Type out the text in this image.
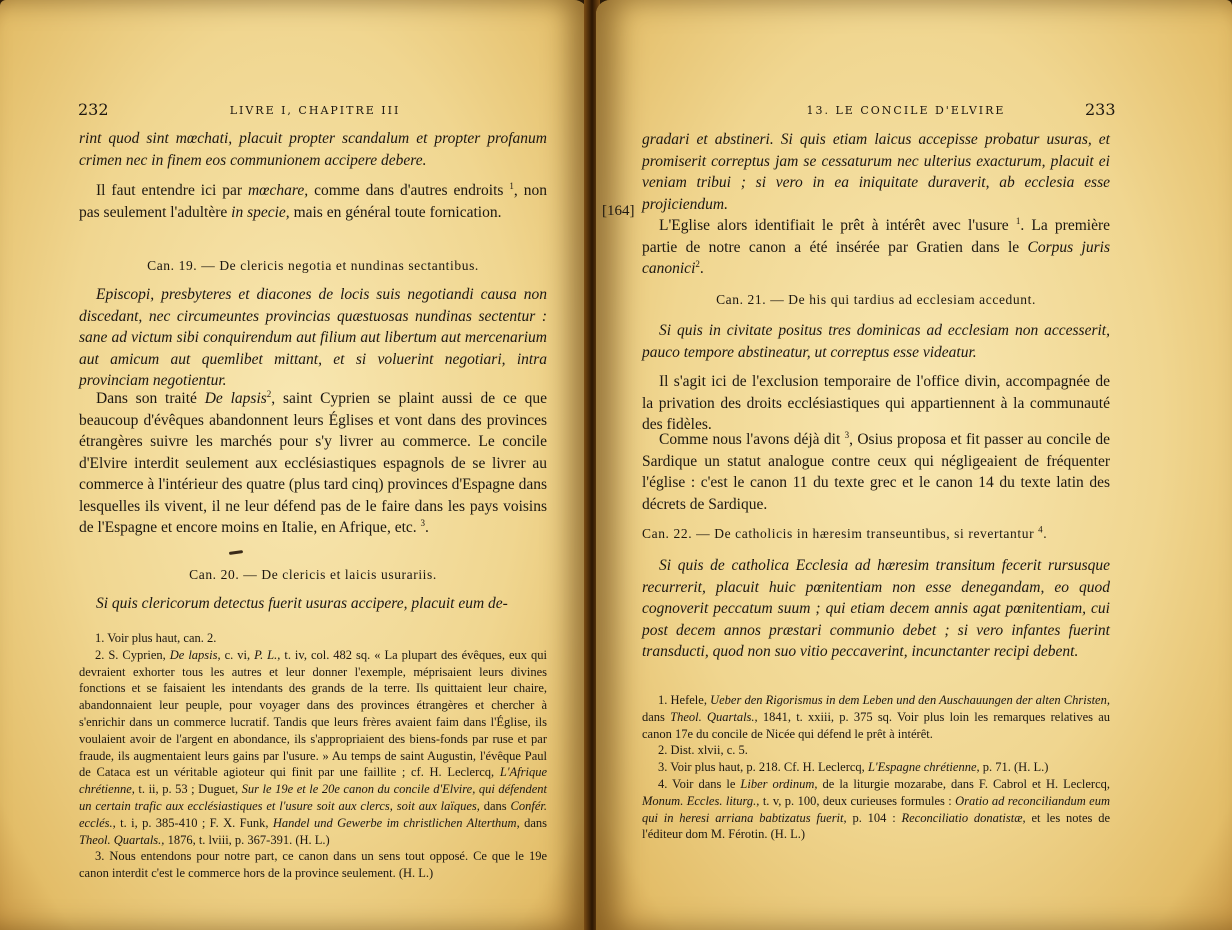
232	LIVRE I, CHAPITRE III

rint quod sint mœchati, placuit propter scandalum et propter profanum crimen nec in finem eos communionem accipere debere.

Il faut entendre ici par mœchare, comme dans d'autres endroits $^1$, non pas seulement l'adultère in specie, mais en général toute fornication.

Can. 19. — De clericis negotia et nundinas sectantibus.

Episcopi, presbyteres et diacones de locis suis negotiandi causa non discedant, nec circumeuntes provincias quæstuosas nundinas sectentur : sane ad victum sibi conquirendum aut filium aut libertum aut mercenarium aut amicum aut quemlibet mittant, et si voluerint negotiari, intra provinciam negotientur.

Dans son traité De lapsis$^2$, saint Cyprien se plaint aussi de ce que beaucoup d'évêques abandonnent leurs Églises et vont dans des provinces étrangères suivre les marchés pour s'y livrer au commerce. Le concile d'Elvire interdit seulement aux ecclésiastiques espagnols de se livrer au commerce à l'intérieur des quatre (plus tard cinq) provinces d'Espagne dans lesquelles ils vivent, il ne leur défend pas de le faire dans les pays voisins de l'Espagne et encore moins en Italie, en Afrique, etc. $^3$.

Can. 20. — De clericis et laicis usurariis.

Si quis clericorum detectus fuerit usuras accipere, placuit eum de-

1. Voir plus haut, can. 2.

2. S. Cyprien, De lapsis, c. vi, P. L., t. iv, col. 482 sq. « La plupart des évêques, eux qui devraient exhorter tous les autres et leur donner l'exemple, méprisaient leurs divines fonctions et se faisaient les intendants des grands de la terre. Ils quittaient leur chaire, abandonnaient leur peuple, pour voyager dans des provinces étrangères et chercher à s'enrichir dans un commerce lucratif. Tandis que leurs frères avaient faim dans l'Église, ils voulaient avoir de l'argent en abondance, ils s'appropriaient des biens-fonds par ruse et par fraude, ils augmentaient leurs gains par l'usure. » Au temps de saint Augustin, l'évêque Paul de Cataca est un véritable agioteur qui finit par une faillite ; cf. H. Leclercq, L'Afrique chrétienne, t. ii, p. 53 ; Duguet, Sur le 19e et le 20e canon du concile d'Elvire, qui défendent un certain trafic aux ecclésiastiques et l'usure soit aux clercs, soit aux laïques, dans Confér. ecclés., t. i, p. 385-410 ; F. X. Funk, Handel und Gewerbe im christlichen Alterthum, dans Theol. Quartals., 1876, t. lviii, p. 367-391. (H. L.)

3. Nous entendons pour notre part, ce canon dans un sens tout opposé. Ce que le 19e canon interdit c'est le commerce hors de la province seulement. (H. L.)

13. LE CONCILE D'ELVIRE	233
[164]

gradari et abstineri. Si quis etiam laicus accepisse probatur usuras, et promiserit correptus jam se cessaturum nec ulterius exacturum, placuit ei veniam tribui ; si vero in ea iniquitate duraverit, ab ecclesia esse projiciendum.

L'Eglise alors identifiait le prêt à intérêt avec l'usure $^1$. La première partie de notre canon a été insérée par Gratien dans le Corpus juris canonici$^2$.

Can. 21. — De his qui tardius ad ecclesiam accedunt.

Si quis in civitate positus tres dominicas ad ecclesiam non accesserit, pauco tempore abstineatur, ut correptus esse videatur.

Il s'agit ici de l'exclusion temporaire de l'office divin, accompagnée de la privation des droits ecclésiastiques qui appartiennent à la communauté des fidèles.

Comme nous l'avons déjà dit $^3$, Osius proposa et fit passer au concile de Sardique un statut analogue contre ceux qui négligeaient de fréquenter l'église : c'est le canon 11 du texte grec et le canon 14 du texte latin des décrets de Sardique.

Can. 22. — De catholicis in hæresim transeuntibus, si revertantur $^4$.

Si quis de catholica Ecclesia ad hæresim transitum fecerit rursusque recurrerit, placuit huic pœnitentiam non esse denegandam, eo quod cognoverit peccatum suum ; qui etiam decem annis agat pœnitentiam, cui post decem annos præstari communio debet ; si vero infantes fuerint transducti, quod non suo vitio peccaverint, incunctanter recipi debent.

1. Hefele, Ueber den Rigorismus in dem Leben und den Auschauungen der alten Christen, dans Theol. Quartals., 1841, t. xxiii, p. 375 sq. Voir plus loin les remarques relatives au canon 17e du concile de Nicée qui défend le prêt à intérêt.

2. Dist. xlvii, c. 5.

3. Voir plus haut, p. 218. Cf. H. Leclercq, L'Espagne chrétienne, p. 71. (H. L.)

4. Voir dans le Liber ordinum, de la liturgie mozarabe, dans F. Cabrol et H. Leclercq, Monum. Eccles. liturg., t. v, p. 100, deux curieuses formules : Oratio ad reconciliandum eum qui in heresi arriana babtizatus fuerit, p. 104 : Reconciliatio donatistæ, et les notes de l'éditeur dom M. Férotin. (H. L.)
